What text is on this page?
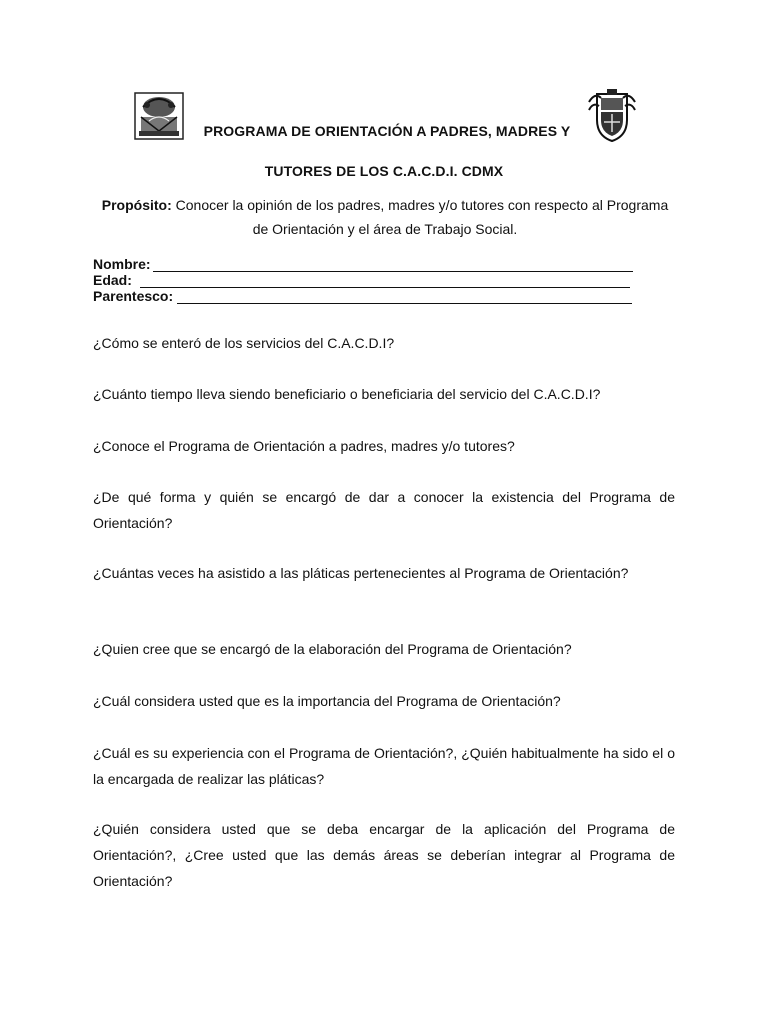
PROGRAMA DE ORIENTACIÓN A PADRES, MADRES Y
TUTORES DE LOS C.A.C.D.I. CDMX
Propósito: Conocer la opinión de los padres, madres y/o tutores con respecto al Programa de Orientación y el área de Trabajo Social.
Nombre :
Edad:
Parentesco:
¿Cómo se enteró de los servicios del C.A.C.D.I?
¿Cuánto tiempo lleva siendo beneficiario o beneficiaria del servicio del C.A.C.D.I?
¿Conoce el Programa de Orientación a padres, madres y/o tutores?
¿De qué forma y quién se encargó de dar a conocer la existencia del Programa de Orientación?
¿Cuántas veces ha asistido a las pláticas pertenecientes al Programa de Orientación?
¿Quien cree que se encargó de la elaboración del Programa de Orientación?
¿Cuál considera usted que es la importancia del Programa de Orientación?
¿Cuál es su experiencia con el Programa de Orientación?, ¿Quién habitualmente ha sido el o la encargada de realizar las pláticas?
¿Quién considera usted que se deba encargar de la aplicación del Programa de Orientación?, ¿Cree usted que las demás áreas se deberían integrar al Programa de Orientación?
